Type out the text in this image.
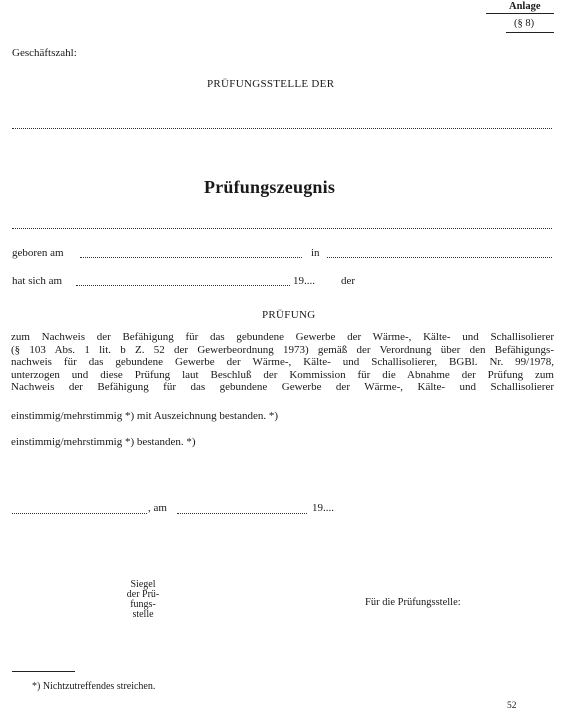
Anlage
(§ 8)
Geschäftszahl:
PRÜFUNGSSTELLE DER
Prüfungszeugnis
geboren am	in
hat sich am	19.... der
PRÜFUNG
zum Nachweis der Befähigung für das gebundene Gewerbe der Wärme-, Kälte- und Schallisolierer
(§ 103 Abs. 1 lit. b Z. 52 der Gewerbeordnung 1973) gemäß der Verordnung über den Befähigungs-
nachweis für das gebundene Gewerbe der Wärme-, Kälte- und Schallisolierer, BGBl. Nr. 99/1978,
unterzogen und diese Prüfung laut Beschluß der Kommission für die Abnahme der Prüfung zum
Nachweis der Befähigung für das gebundene Gewerbe der Wärme-, Kälte- und Schallisolierer
einstimmig/mehrstimmig *) mit Auszeichnung bestanden. *)
einstimmig/mehrstimmig *) bestanden. *)
, am	19....
Siegel
der Prü-
fungs-
stelle
Für die Prüfungsstelle:
*) Nichtzutreffendes streichen.
52
